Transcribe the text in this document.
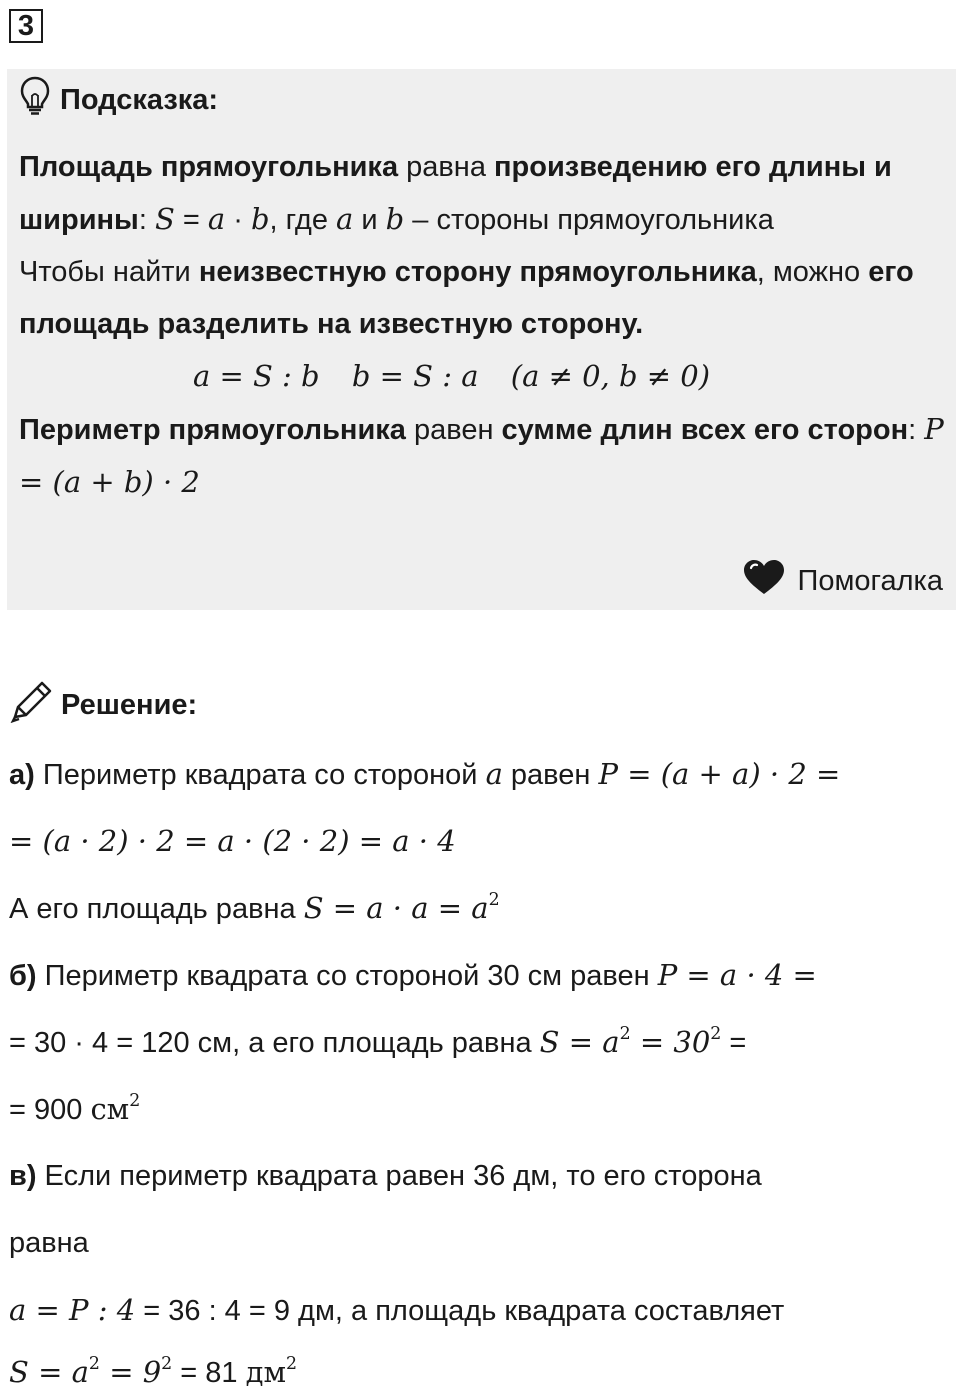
3
Подсказка:

Площадь прямоугольника равна произведению его длины и ширины: S = a · b, где a и b – стороны прямоугольника

Чтобы найти неизвестную сторону прямоугольника, можно его площадь разделить на известную сторону.

a = S : b b = S : a (a ≠ 0, b ≠ 0)

Периметр прямоугольника равен сумме длин всех его сторон: P = (a + b) · 2

Помогалка
Решение:
а) Периметр квадрата со стороной a равен P = (a + a) · 2 =
= (a · 2) · 2 = a · (2 · 2) = a · 4
А его площадь равна $S = a \cdot a = a^2$
б) Периметр квадрата со стороной 30 см равен P = a · 4 =
= 30 · 4 = 120 см, а его площадь равна $S = a^2 = 30^2$ =
= 900 $см^2$
в) Если периметр квадрата равен 36 дм, то его сторона
равна
a = P : 4 = 36 : 4 = 9 дм, а площадь квадрата составляет
$S = a^2 = 9^2 = 81$ $дм^2$
